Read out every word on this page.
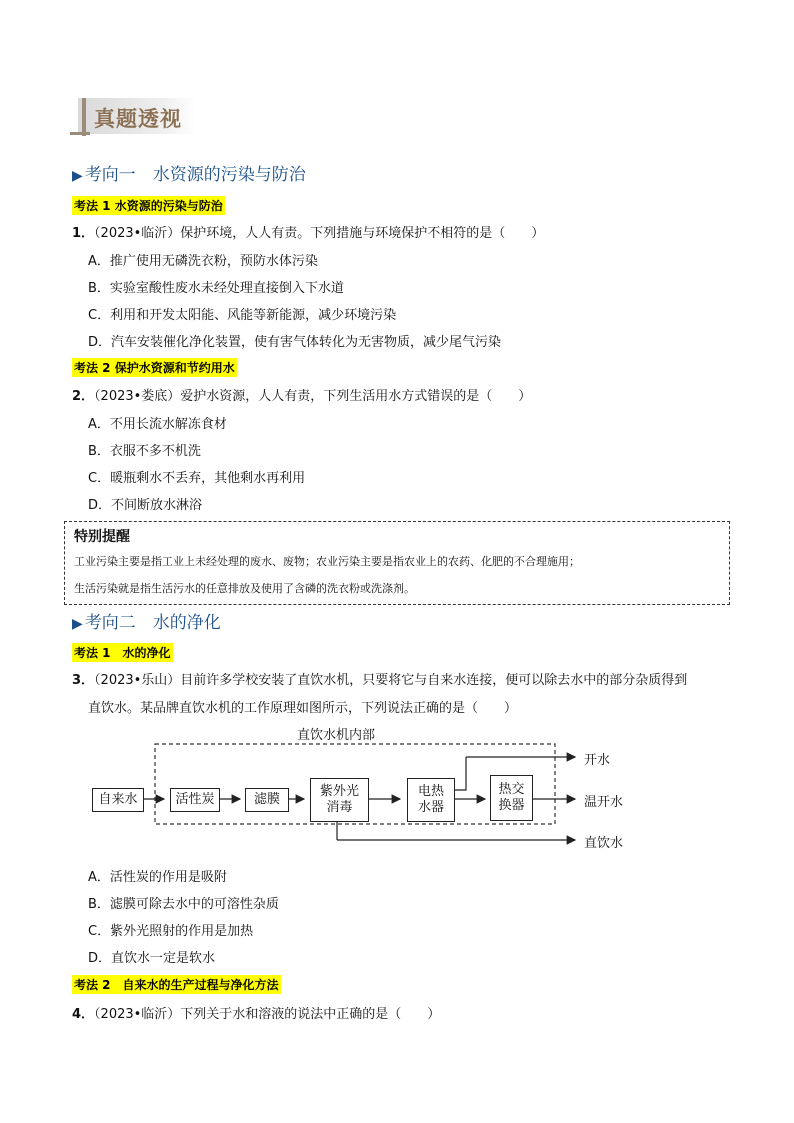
真题透视
▶ 考向一　水资源的污染与防治
考法 1 水资源的污染与防治
1．（2023•临沂）保护环境，人人有责。下列措施与环境保护不相符的是（　　）
A．推广使用无磷洗衣粉，预防水体污染
B．实验室酸性废水未经处理直接倒入下水道
C．利用和开发太阳能、风能等新能源，减少环境污染
D．汽车安装催化净化装置，使有害气体转化为无害物质，减少尾气污染
考法 2 保护水资源和节约用水
2．（2023•娄底）爱护水资源，人人有责，下列生活用水方式错误的是（　　）
A．不用长流水解冻食材
B．衣服不多不机洗
C．暖瓶剩水不丢弃，其他剩水再利用
D．不间断放水淋浴
特别提醒
工业污染主要是指工业上未经处理的废水、废物；农业污染主要是指农业上的农药、化肥的不合理施用；
生活污染就是指生活污水的任意排放及使用了含磷的洗衣粉或洗涤剂。
▶ 考向二　水的净化
考法 1　水的净化
3．（2023•乐山）目前许多学校安装了直饮水机，只要将它与自来水连接，便可以除去水中的部分杂质得到
直饮水。某品牌直饮水机的工作原理如图所示，下列说法正确的是（　　）
直饮水机内部
自来水	活性炭	滤膜
紫外光
消毒
电热
水器
热交
换器
开水
温开水
直饮水
A．活性炭的作用是吸附
B．滤膜可除去水中的可溶性杂质
C．紫外光照射的作用是加热
D．直饮水一定是软水
考法 2　自来水的生产过程与净化方法
4．（2023•临沂）下列关于水和溶液的说法中正确的是（　　）
